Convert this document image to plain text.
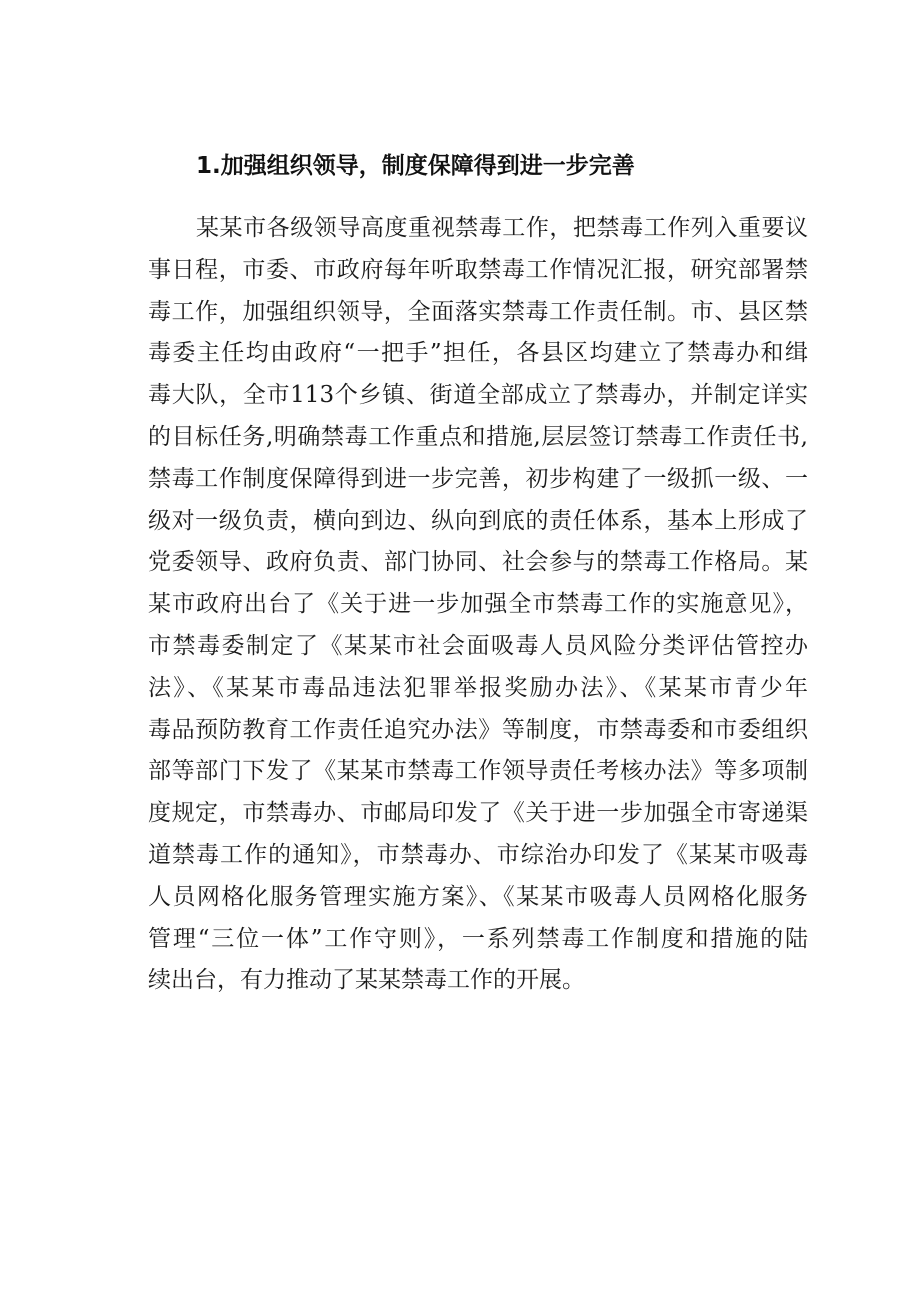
1.加强组织领导，制度保障得到进一步完善
某某市各级领导高度重视禁毒工作，把禁毒工作列入重要议
事日程，市委、市政府每年听取禁毒工作情况汇报，研究部署禁
毒工作，加强组织领导，全面落实禁毒工作责任制。市、县区禁
毒委主任均由政府“一把手”担任，各县区均建立了禁毒办和缉
毒大队，全市113个乡镇、街道全部成立了禁毒办，并制定详实
的目标任务,明确禁毒工作重点和措施,层层签订禁毒工作责任书,
禁毒工作制度保障得到进一步完善，初步构建了一级抓一级、一
级对一级负责，横向到边、纵向到底的责任体系，基本上形成了
党委领导、政府负责、部门协同、社会参与的禁毒工作格局。某
某市政府出台了《关于进一步加强全市禁毒工作的实施意见》，
市禁毒委制定了《某某市社会面吸毒人员风险分类评估管控办
法》、《某某市毒品违法犯罪举报奖励办法》、《某某市青少年
毒品预防教育工作责任追究办法》等制度，市禁毒委和市委组织
部等部门下发了《某某市禁毒工作领导责任考核办法》等多项制
度规定，市禁毒办、市邮局印发了《关于进一步加强全市寄递渠
道禁毒工作的通知》，市禁毒办、市综治办印发了《某某市吸毒
人员网格化服务管理实施方案》、《某某市吸毒人员网格化服务
管理“三位一体”工作守则》，一系列禁毒工作制度和措施的陆
续出台，有力推动了某某禁毒工作的开展。
